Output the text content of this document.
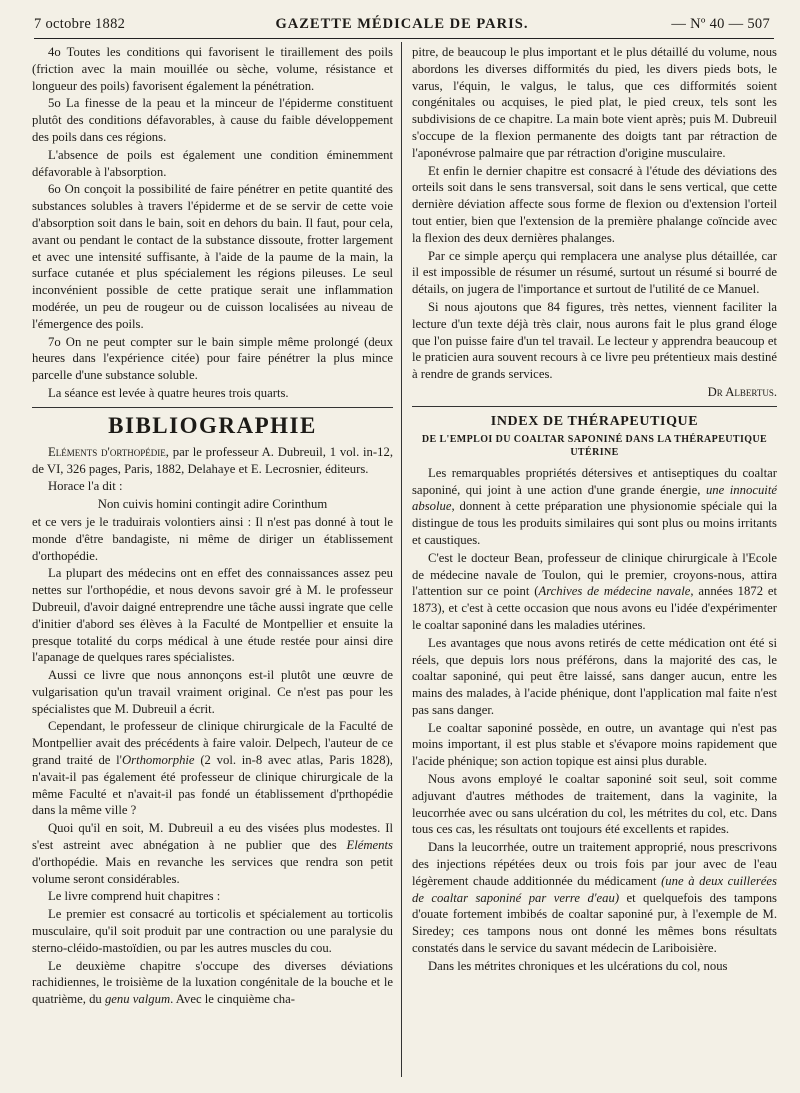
7 octobre 1882	GAZETTE MÉDICALE DE PARIS.	— Nº 40 — 507

4o Toutes les conditions qui favorisent le tiraillement des poils (friction avec la main mouillée ou sèche, volume, résistance et longueur des poils) favorisent également la pénétration.

5o La finesse de la peau et la minceur de l'épiderme constituent plutôt des conditions défavorables, à cause du faible développement des poils dans ces régions.

L'absence de poils est également une condition éminemment défavorable à l'absorption.

6o On conçoit la possibilité de faire pénétrer en petite quantité des substances solubles à travers l'épiderme et de se servir de cette voie d'absorption soit dans le bain, soit en dehors du bain. Il faut, pour cela, avant ou pendant le contact de la substance dissoute, frotter largement et avec une intensité suffisante, à l'aide de la paume de la main, la surface cutanée et plus spécialement les régions pileuses. Le seul inconvénient possible de cette pratique serait une inflammation modérée, un peu de rougeur ou de cuisson localisées au niveau de l'émergence des poils.

7o On ne peut compter sur le bain simple même prolongé (deux heures dans l'expérience citée) pour faire pénétrer la plus mince parcelle d'une substance soluble.

La séance est levée à quatre heures trois quarts.

BIBLIOGRAPHIE

Eléments d'orthopédie, par le professeur A. Dubreuil, 1 vol. in-12, de VI, 326 pages, Paris, 1882, Delahaye et E. Lecrosnier, éditeurs.

Horace l'a dit :

Non cuivis homini contingit adire Corinthum

et ce vers je le traduirais volontiers ainsi : Il n'est pas donné à tout le monde d'être bandagiste, ni même de diriger un établissement d'orthopédie.

La plupart des médecins ont en effet des connaissances assez peu nettes sur l'orthopédie, et nous devons savoir gré à M. le professeur Dubreuil, d'avoir daigné entreprendre une tâche aussi ingrate que celle d'initier d'abord ses élèves à la Faculté de Montpellier et ensuite la presque totalité du corps médical à une étude restée pour ainsi dire l'apanage de quelques rares spécialistes.

Aussi ce livre que nous annonçons est-il plutôt une œuvre de vulgarisation qu'un travail vraiment original. Ce n'est pas pour les spécialistes que M. Dubreuil a écrit.

Cependant, le professeur de clinique chirurgicale de la Faculté de Montpellier avait des précédents à faire valoir. Delpech, l'auteur de ce grand traité de l'Orthomorphie (2 vol. in-8 avec atlas, Paris 1828), n'avait-il pas également été professeur de clinique chirurgicale de la même Faculté et n'avait-il pas fondé un établissement d'prthopédie dans la même ville ?

Quoi qu'il en soit, M. Dubreuil a eu des visées plus modestes. Il s'est astreint avec abnégation à ne publier que des Eléments d'orthopédie. Mais en revanche les services que rendra son petit volume seront considérables.

Le livre comprend huit chapitres :

Le premier est consacré au torticolis et spécialement au torticolis musculaire, qu'il soit produit par une contraction ou une paralysie du sterno-cléido-mastoïdien, ou par les autres muscles du cou.

Le deuxième chapitre s'occupe des diverses déviations rachidiennes, le troisième de la luxation congénitale de la bouche et le quatrième, du genu valgum. Avec le cinquième cha-

pitre, de beaucoup le plus important et le plus détaillé du volume, nous abordons les diverses difformités du pied, les divers pieds bots, le varus, l'équin, le valgus, le talus, que ces difformités soient congénitales ou acquises, le pied plat, le pied creux, tels sont les subdivisions de ce chapitre. La main bote vient après; puis M. Dubreuil s'occupe de la flexion permanente des doigts tant par rétraction de l'aponévrose palmaire que par rétraction d'origine musculaire.

Et enfin le dernier chapitre est consacré à l'étude des déviations des orteils soit dans le sens transversal, soit dans le sens vertical, que cette dernière déviation affecte sous forme de flexion ou d'extension l'orteil tout entier, bien que l'extension de la première phalange coïncide avec la flexion des deux dernières phalanges.

Par ce simple aperçu qui remplacera une analyse plus détaillée, car il est impossible de résumer un résumé, surtout un résumé si bourré de détails, on jugera de l'importance et surtout de l'utilité de ce Manuel.

Si nous ajoutons que 84 figures, très nettes, viennent faciliter la lecture d'un texte déjà très clair, nous aurons fait le plus grand éloge que l'on puisse faire d'un tel travail. Le lecteur y apprendra beaucoup et le praticien aura souvent recours à ce livre peu prétentieux mais destiné à rendre de grands services.

Dr Albertus.

INDEX DE THÉRAPEUTIQUE
DE L'EMPLOI DU COALTAR SAPONINÉ DANS LA THÉRAPEUTIQUE UTÉRINE

Les remarquables propriétés détersives et antiseptiques du coaltar saponiné, qui joint à une action d'une grande énergie, une innocuité absolue, donnent à cette préparation une physionomie spéciale qui la distingue de tous les produits similaires qui sont plus ou moins irritants et caustiques.

C'est le docteur Bean, professeur de clinique chirurgicale à l'Ecole de médecine navale de Toulon, qui le premier, croyons-nous, attira l'attention sur ce point (Archives de médecine navale, années 1872 et 1873), et c'est à cette occasion que nous avons eu l'idée d'expérimenter le coaltar saponiné dans les maladies utérines.

Les avantages que nous avons retirés de cette médication ont été si réels, que depuis lors nous préférons, dans la majorité des cas, le coaltar saponiné, qui peut être laissé, sans danger aucun, entre les mains des malades, à l'acide phénique, dont l'application mal faite n'est pas sans danger.

Le coaltar saponiné possède, en outre, un avantage qui n'est pas moins important, il est plus stable et s'évapore moins rapidement que l'acide phénique; son action topique est ainsi plus durable.

Nous avons employé le coaltar saponiné soit seul, soit comme adjuvant d'autres méthodes de traitement, dans la vaginite, la leucorrhée avec ou sans ulcération du col, les métrites du col, etc. Dans tous ces cas, les résultats ont toujours été excellents et rapides.

Dans la leucorrhée, outre un traitement approprié, nous prescrivons des injections répétées deux ou trois fois par jour avec de l'eau légèrement chaude additionnée du médicament (une à deux cuillerées de coaltar saponiné par verre d'eau) et quelquefois des tampons d'ouate fortement imbibés de coaltar saponiné pur, à l'exemple de M. Siredey; ces tampons nous ont donné les mêmes bons résultats constatés dans le service du savant médecin de Lariboisière.

Dans les métrites chroniques et les ulcérations du col, nous
